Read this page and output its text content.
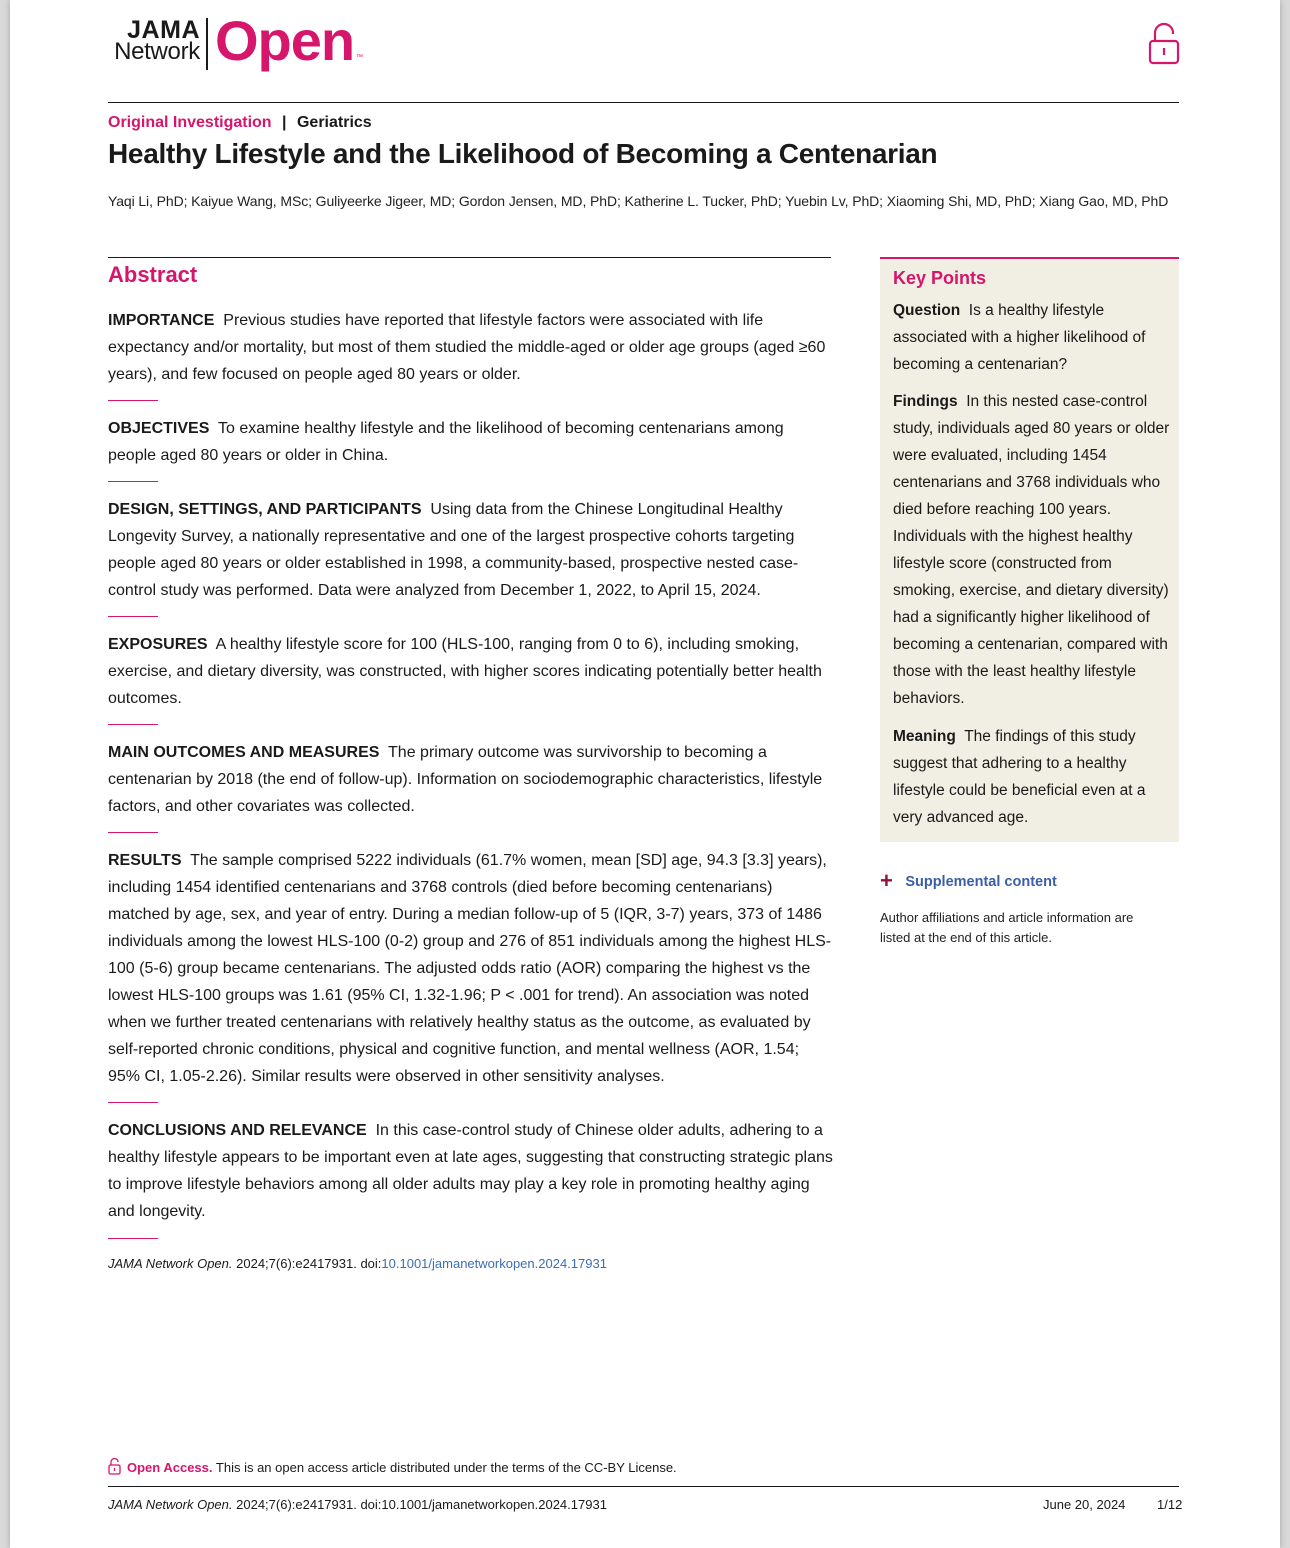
JAMA
Network Open ™
Original Investigation | Geriatrics
Healthy Lifestyle and the Likelihood of Becoming a Centenarian
Yaqi Li, PhD; Kaiyue Wang, MSc; Guliyeerke Jigeer, MD; Gordon Jensen, MD, PhD; Katherine L. Tucker, PhD; Yuebin Lv, PhD; Xiaoming Shi, MD, PhD; Xiang Gao, MD, PhD
Abstract
IMPORTANCE Previous studies have reported that lifestyle factors were associated with life expectancy and/or mortality, but most of them studied the middle-aged or older age groups (aged ≥60 years), and few focused on people aged 80 years or older.
OBJECTIVES To examine healthy lifestyle and the likelihood of becoming centenarians among people aged 80 years or older in China.
DESIGN, SETTINGS, AND PARTICIPANTS Using data from the Chinese Longitudinal Healthy Longevity Survey, a nationally representative and one of the largest prospective cohorts targeting people aged 80 years or older established in 1998, a community-based, prospective nested case-control study was performed. Data were analyzed from December 1, 2022, to April 15, 2024.
EXPOSURES A healthy lifestyle score for 100 (HLS-100, ranging from 0 to 6), including smoking, exercise, and dietary diversity, was constructed, with higher scores indicating potentially better health outcomes.
MAIN OUTCOMES AND MEASURES The primary outcome was survivorship to becoming a centenarian by 2018 (the end of follow-up). Information on sociodemographic characteristics, lifestyle factors, and other covariates was collected.
RESULTS The sample comprised 5222 individuals (61.7% women, mean [SD] age, 94.3 [3.3] years), including 1454 identified centenarians and 3768 controls (died before becoming centenarians) matched by age, sex, and year of entry. During a median follow-up of 5 (IQR, 3-7) years, 373 of 1486 individuals among the lowest HLS-100 (0-2) group and 276 of 851 individuals among the highest HLS-100 (5-6) group became centenarians. The adjusted odds ratio (AOR) comparing the highest vs the lowest HLS-100 groups was 1.61 (95% CI, 1.32-1.96; P < .001 for trend). An association was noted when we further treated centenarians with relatively healthy status as the outcome, as evaluated by self-reported chronic conditions, physical and cognitive function, and mental wellness (AOR, 1.54; 95% CI, 1.05-2.26). Similar results were observed in other sensitivity analyses.
CONCLUSIONS AND RELEVANCE In this case-control study of Chinese older adults, adhering to a healthy lifestyle appears to be important even at late ages, suggesting that constructing strategic plans to improve lifestyle behaviors among all older adults may play a key role in promoting healthy aging and longevity.
JAMA Network Open. 2024;7(6):e2417931. doi:10.1001/jamanetworkopen.2024.17931
Key Points
Question Is a healthy lifestyle associated with a higher likelihood of becoming a centenarian?
Findings In this nested case-control study, individuals aged 80 years or older were evaluated, including 1454 centenarians and 3768 individuals who died before reaching 100 years. Individuals with the highest healthy lifestyle score (constructed from smoking, exercise, and dietary diversity) had a significantly higher likelihood of becoming a centenarian, compared with those with the least healthy lifestyle behaviors.
Meaning The findings of this study suggest that adhering to a healthy lifestyle could be beneficial even at a very advanced age.
+ Supplemental content
Author affiliations and article information are listed at the end of this article.
Open Access. This is an open access article distributed under the terms of the CC-BY License.
JAMA Network Open. 2024;7(6):e2417931. doi:10.1001/jamanetworkopen.2024.17931	June 20, 2024 1/12
